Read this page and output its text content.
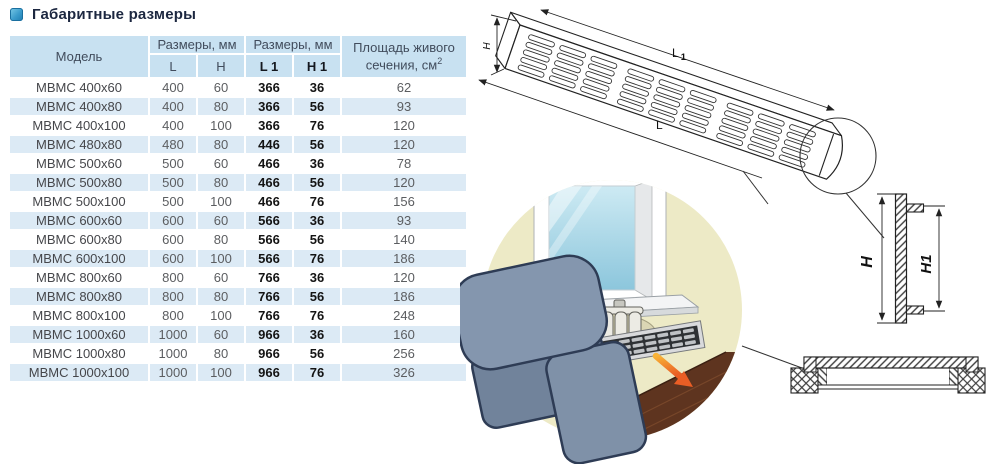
Габаритные размеры
Модель	Размеры, мм		Размеры, мм		Площадь живого
сечения, $см^2$
	L	H	L 1	H 1	
МВМС 400x60	400	60	366	36	62
МВМС 400x80	400	80	366	56	93
МВМС 400x100	400	100	366	76	120
МВМС 480x80	480	80	446	56	120
МВМС 500x60	500	60	466	36	78
МВМС 500x80	500	80	466	56	120
МВМС 500x100	500	100	466	76	156
МВМС 600x60	600	60	566	36	93
МВМС 600x80	600	80	566	56	140
МВМС 600x100	600	100	566	76	186
МВМС 800x60	800	60	766	36	120
МВМС 800x80	800	80	766	56	186
МВМС 800x100	800	100	766	76	248
МВМС 1000x60	1000	60	966	36	160
МВМС 1000x80	1000	80	966	56	256
МВМС 1000x100	1000	100	966	76	326
H	L $_1$
L
H	H1
